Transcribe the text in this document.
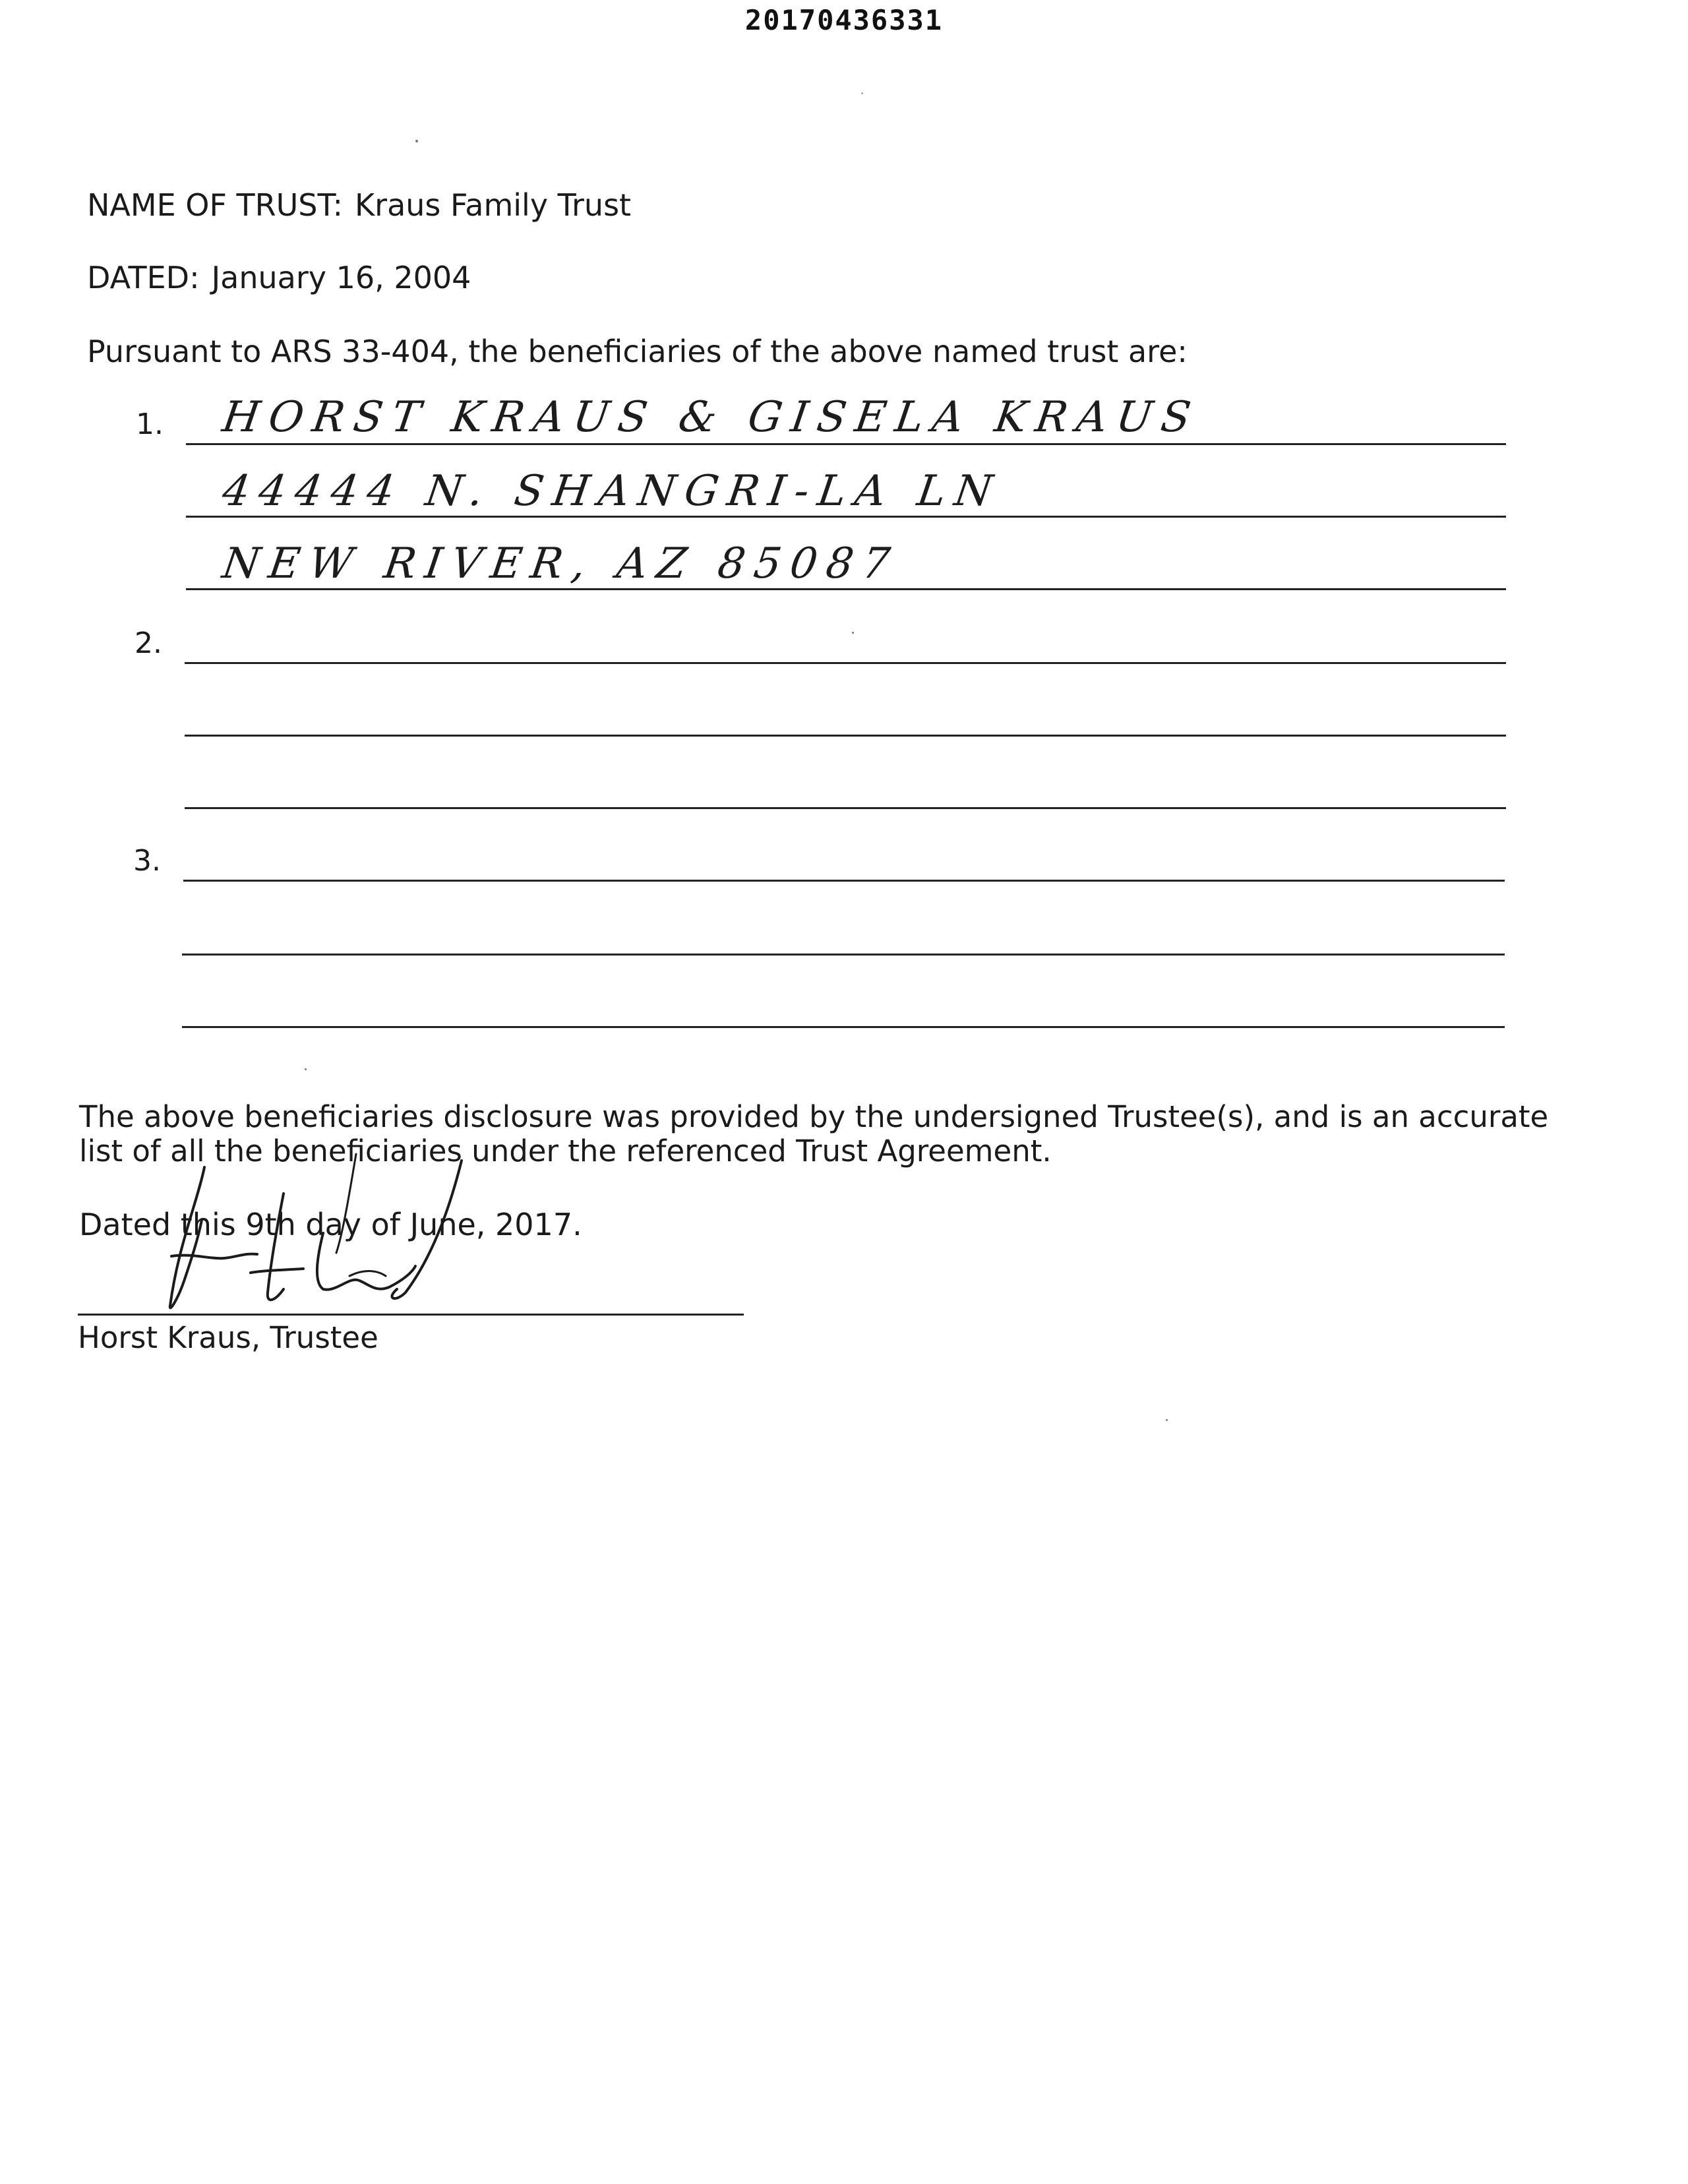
20170436331
NAME OF TRUST: Kraus Family Trust
DATED: January 16, 2004
Pursuant to ARS 33-404, the beneficiaries of the above named trust are:
1. HORST KRAUS & GISELA KRAUS
44444 N. SHANGRI-LA LN
NEW RIVER, AZ 85087
2.
3.
The above beneficiaries disclosure was provided by the undersigned Trustee(s), and is an accurate list of all the beneficiaries under the referenced Trust Agreement.
Dated this 9th day of June, 2017.
Horst Kraus, Trustee
